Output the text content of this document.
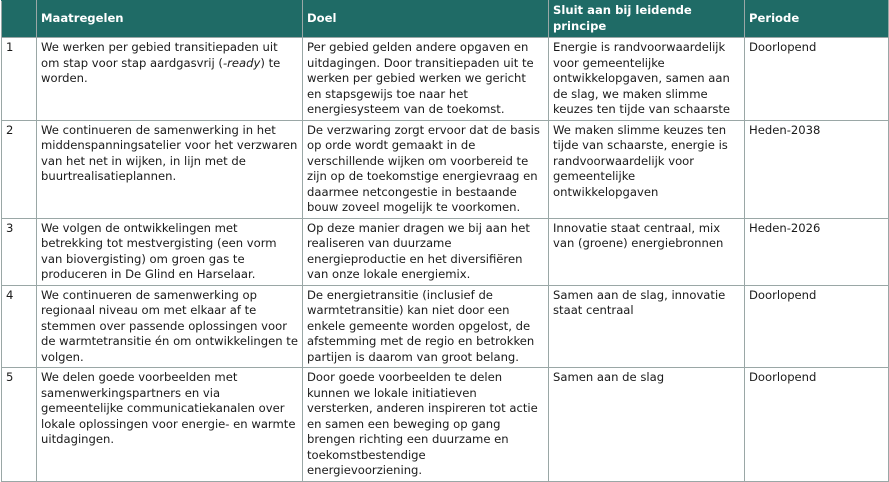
	Maatregelen	Doel	Sluit aan bij leidende principe	Periode
1	We werken per gebied transitiepaden uit om stap voor stap aardgasvrij (-ready) te worden.	Per gebied gelden andere opgaven en uitdagingen. Door transitiepaden uit te werken per gebied werken we gericht en stapsgewijs toe naar het energiesysteem van de toekomst.	Energie is randvoorwaardelijk voor gemeentelijke ontwikkelopgaven, samen aan de slag, we maken slimme keuzes ten tijde van schaarste	Doorlopend
2	We continueren de samenwerking in het middenspanningsatelier voor het verzwaren van het net in wijken, in lijn met de buurtrealisatieplannen.	De verzwaring zorgt ervoor dat de basis op orde wordt gemaakt in de verschillende wijken om voorbereid te zijn op de toekomstige energievraag en daarmee netcongestie in bestaande bouw zoveel mogelijk te voorkomen.	We maken slimme keuzes ten tijde van schaarste, energie is randvoorwaardelijk voor gemeentelijke ontwikkelopgaven	Heden-2038
3	We volgen de ontwikkelingen met betrekking tot mestvergisting (een vorm van biovergisting) om groen gas te produceren in De Glind en Harselaar.	Op deze manier dragen we bij aan het realiseren van duurzame energieproductie en het diversifiëren van onze lokale energiemix.	Innovatie staat centraal, mix van (groene) energiebronnen	Heden-2026
4	We continueren de samenwerking op regionaal niveau om met elkaar af te stemmen over passende oplossingen voor de warmtetransitie én om ontwikkelingen te volgen.	De energietransitie (inclusief de warmtetransitie) kan niet door een enkele gemeente worden opgelost, de afstemming met de regio en betrokken partijen is daarom van groot belang.	Samen aan de slag, innovatie staat centraal	Doorlopend
5	We delen goede voorbeelden met samenwerkingspartners en via gemeentelijke communicatiekanalen over lokale oplossingen voor energie- en warmte uitdagingen.	Door goede voorbeelden te delen kunnen we lokale initiatieven versterken, anderen inspireren tot actie en samen een beweging op gang brengen richting een duurzame en toekomstbestendige energievoorziening.	Samen aan de slag	Doorlopend
